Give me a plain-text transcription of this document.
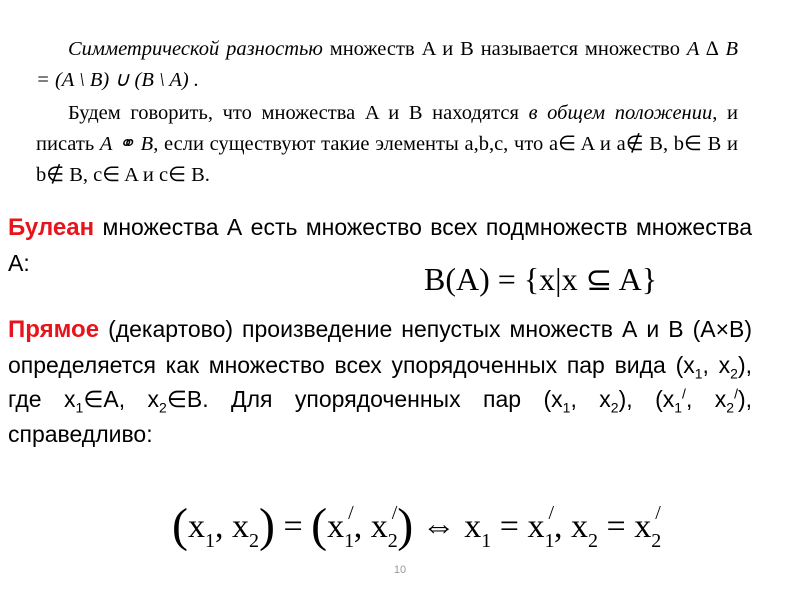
Симметрической разностью множеств A и B называется множество A ∆ B = (A \ B) ∪ (B \ A) .
Будем говорить, что множества A и B находятся в общем положении, и писать A ⚭ B, если существуют такие элементы a,b,c, что a∈ A и a∉ B, b∈ B и b∉ B, c∈ A и c∈ B.
Булеан множества А есть множество всех подмножеств множества А:	B(A) = {x|x ⊆ A}
Прямое (декартово) произведение непустых множеств А и В (А×В) определяется как множество всех упорядоченных пар вида ($x_1$, $x_2$), где $x_1\in A$, $x_2\in B$. Для упорядоченных пар ($x_1$, $x_2$), ($x_1^/$, $x_2^/$), справедливо:
($x_1$, $x_2) = (x_1^/$, $x_2^/$) ⇔ $x_1 = x_1^/$, $x_2 = x_2^/$
10
